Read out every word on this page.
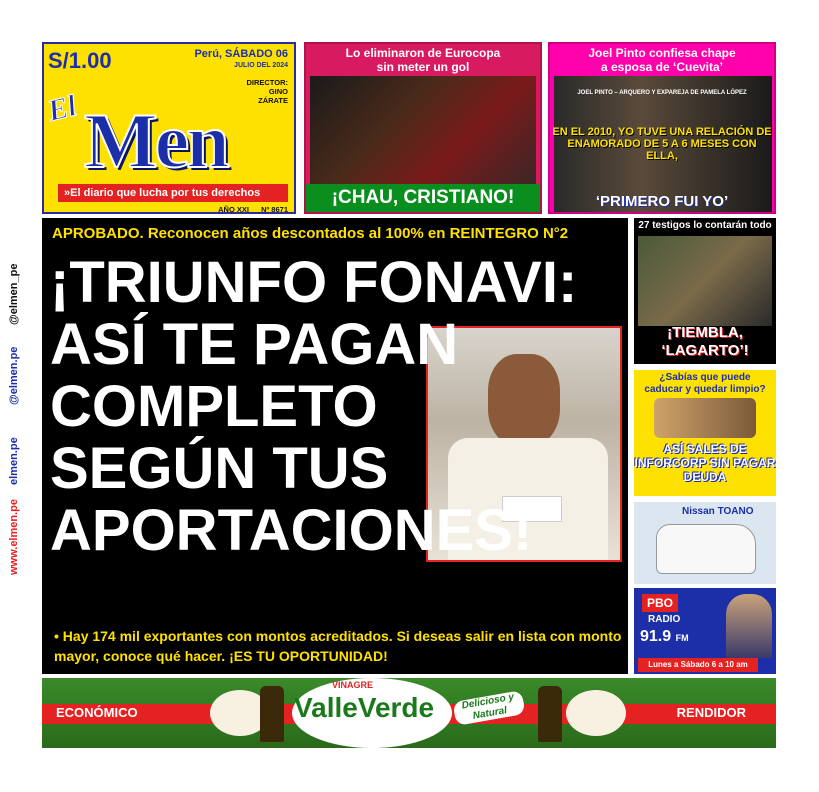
@elmen_pe
@elmen.pe
elmen.pe
www.elmen.pe
S/1.00	Perú, SÁBADO 06
JULIO DEL 2024
DIRECTOR:
GINO
ZÁRATE
El Men
»El diario que lucha por tus derechos
AÑO XXI Nº 8671
Lo eliminaron de Eurocopa
sin meter un gol
¡CHAU, CRISTIANO!
Joel Pinto confiesa chape
a esposa de ‘Cuevita’
JOEL PINTO – ARQUERO Y EXPAREJA DE PAMELA LÓPEZ
EN EL 2010, YO TUVE UNA RELACIÓN DE ENAMORADO DE 5 A 6 MESES CON ELLA,
‘PRIMERO FUI YO’
APROBADO. Reconocen años descontados al 100% en REINTEGRO N°2
¡TRIUNFO FONAVI:
ASÍ TE PAGAN
COMPLETO
SEGÚN TUS
APORTACIONES!
• Hay 174 mil exportantes con montos acreditados. Si deseas salir en lista con monto mayor, conoce qué hacer. ¡ES TU OPORTUNIDAD!
27 testigos lo contarán todo
¡TIEMBLA,
‘LAGARTO’!
¿Sabías que puede
caducar y quedar limpio?
ASÍ SALES DE INFORCORP SIN PAGAR DEUDA
Nissan TOANO
PBO
RADIO
91.9 FM
Lunes a Sábado 6 a 10 am
ECONÓMICO
VINAGRE
ValleVerde	Delicioso y Natural	RENDIDOR
